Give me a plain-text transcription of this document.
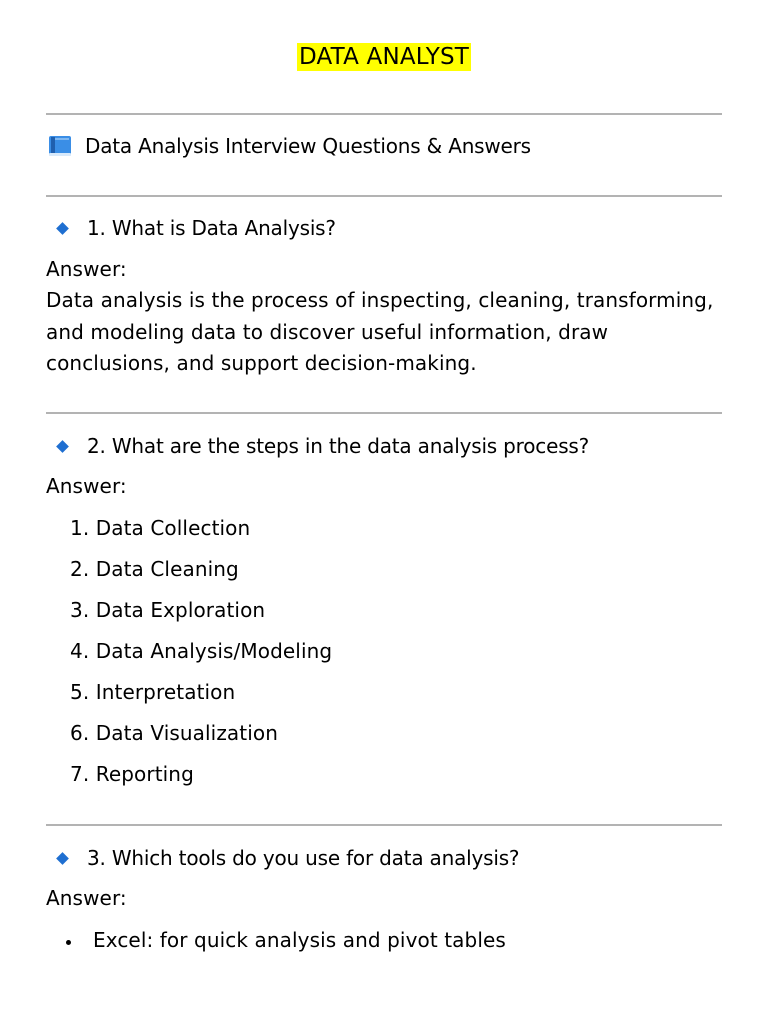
DATA ANALYST
Data Analysis Interview Questions & Answers
1. What is Data Analysis?
Answer:
Data analysis is the process of inspecting, cleaning, transforming,
and modeling data to discover useful information, draw
conclusions, and support decision-making.
2. What are the steps in the data analysis process?
Answer:
1. Data Collection
2. Data Cleaning
3. Data Exploration
4. Data Analysis/Modeling
5. Interpretation
6. Data Visualization
7. Reporting
3. Which tools do you use for data analysis?
Answer:
Excel: for quick analysis and pivot tables
